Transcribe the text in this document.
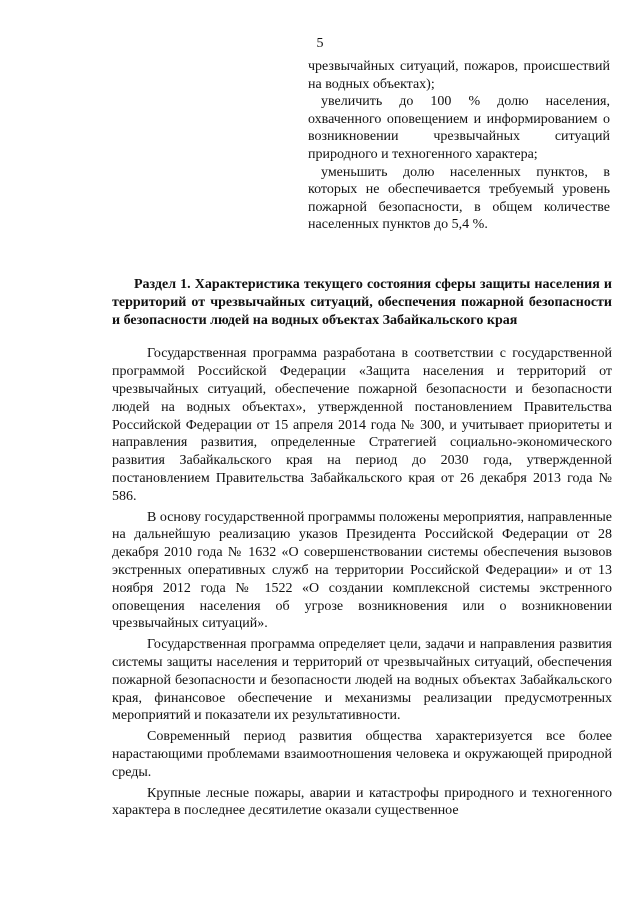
5

чрезвычайных ситуаций, пожаров, происшествий на водных объектах);

увеличить до 100 % долю населения, охваченного оповещением и информированием о возникновении чрезвычайных ситуаций природного и техногенного характера;

уменьшить долю населенных пунктов, в которых не обеспечивается требуемый уровень пожарной безопасности, в общем количестве населенных пунктов до 5,4 %.

Раздел 1. Характеристика текущего состояния сферы защиты населения и территорий от чрезвычайных ситуаций, обеспечения пожарной безопасности и безопасности людей на водных объектах Забайкальского края

Государственная программа разработана в соответствии с государственной программой Российской Федерации «Защита населения и территорий от чрезвычайных ситуаций, обеспечение пожарной безопасности и безопасности людей на водных объектах», утвержденной постановлением Правительства Российской Федерации от 15 апреля 2014 года № 300, и учитывает приоритеты и направления развития, определенные Стратегией социально-экономического развития Забайкальского края на период до 2030 года, утвержденной постановлением Правительства Забайкальского края от 26 декабря 2013 года № 586.

В основу государственной программы положены мероприятия, направленные на дальнейшую реализацию указов Президента Российской Федерации от 28 декабря 2010 года № 1632 «О совершенствовании системы обеспечения вызовов экстренных оперативных служб на территории Российской Федерации» и от 13 ноября 2012 года № 1522 «О создании комплексной системы экстренного оповещения населения об угрозе возникновения или о возникновении чрезвычайных ситуаций».

Государственная программа определяет цели, задачи и направления развития системы защиты населения и территорий от чрезвычайных ситуаций, обеспечения пожарной безопасности и безопасности людей на водных объектах Забайкальского края, финансовое обеспечение и механизмы реализации предусмотренных мероприятий и показатели их результативности.

Современный период развития общества характеризуется все более нарастающими проблемами взаимоотношения человека и окружающей природной среды.

Крупные лесные пожары, аварии и катастрофы природного и техногенного характера в последнее десятилетие оказали существенное
